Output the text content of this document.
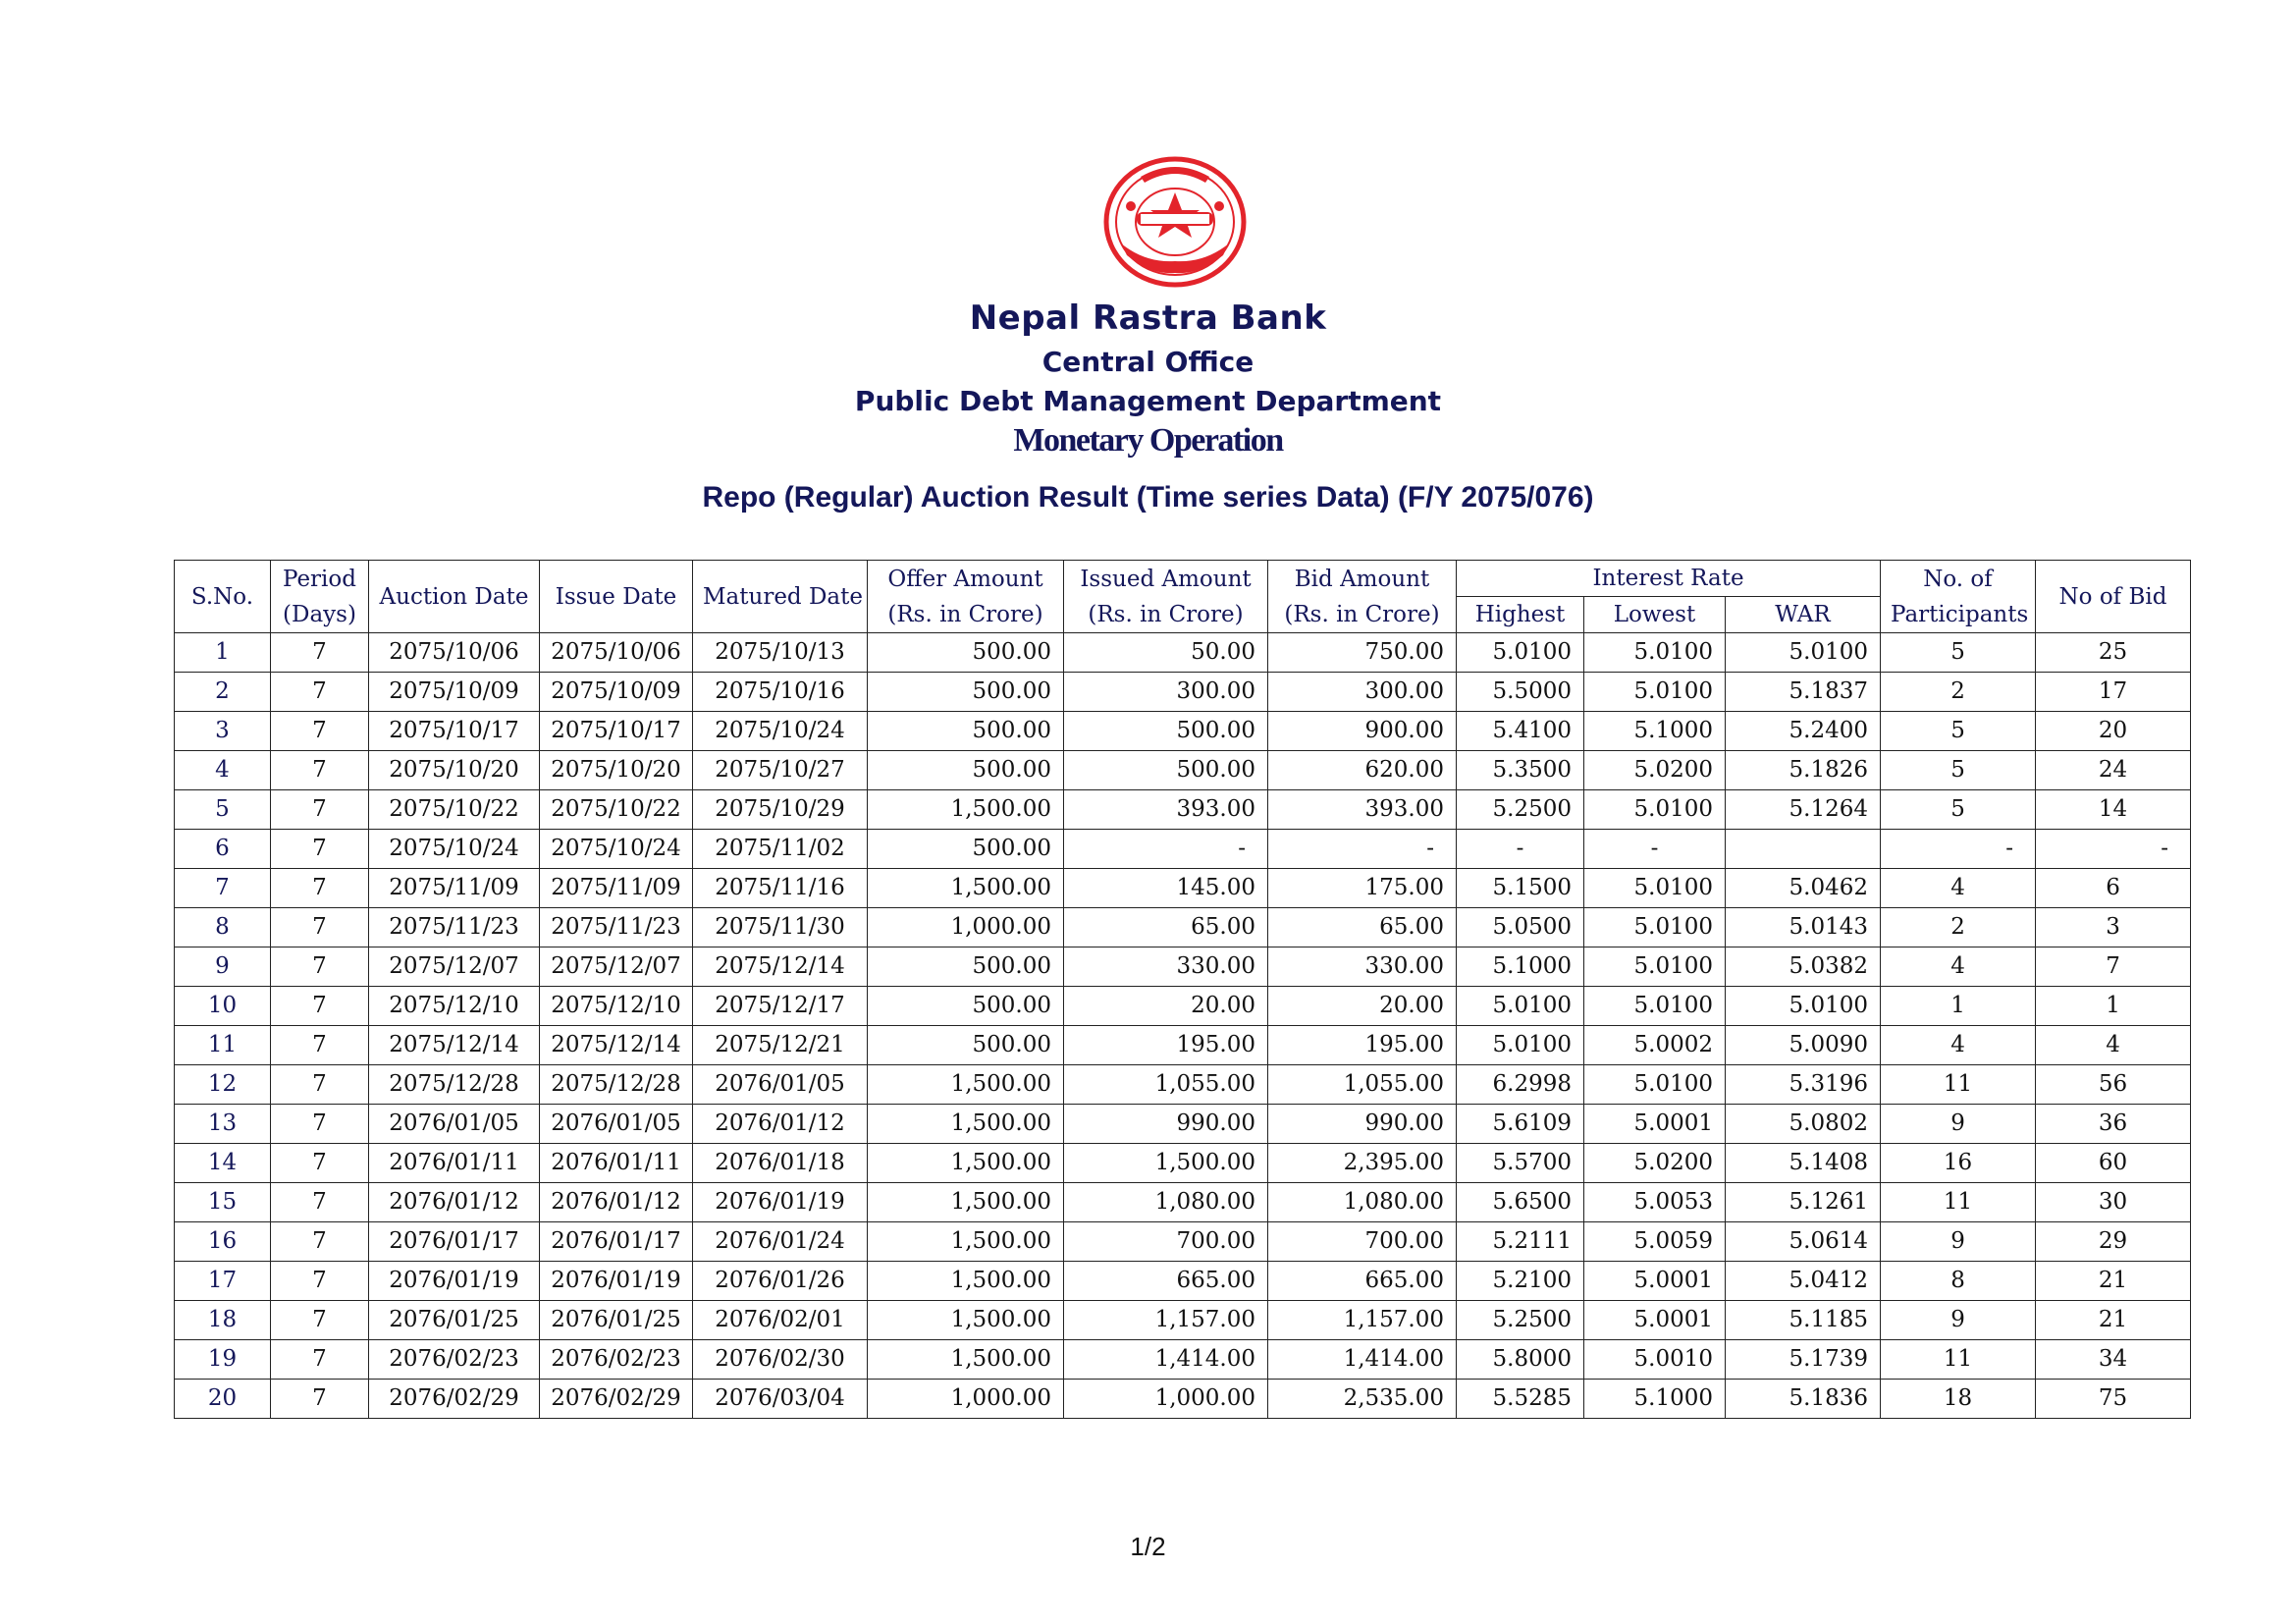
Nepal Rastra Bank
Central Office
Public Debt Management Department
Monetary Operation
Repo (Regular) Auction Result (Time series Data) (F/Y 2075/076)
S.No.	Period (Days)	Auction Date	Issue Date	Matured Date	Offer Amount (Rs. in Crore)	Issued Amount (Rs. in Crore)	Bid Amount (Rs. in Crore)	Interest Rate			No. of Participants	No of Bid
								Highest	Lowest	WAR		
1	7	2075/10/06	2075/10/06	2075/10/13	500.00	50.00	750.00	5.0100	5.0100	5.0100	5	25
2	7	2075/10/09	2075/10/09	2075/10/16	500.00	300.00	300.00	5.5000	5.0100	5.1837	2	17
3	7	2075/10/17	2075/10/17	2075/10/24	500.00	500.00	900.00	5.4100	5.1000	5.2400	5	20
4	7	2075/10/20	2075/10/20	2075/10/27	500.00	500.00	620.00	5.3500	5.0200	5.1826	5	24
5	7	2075/10/22	2075/10/22	2075/10/29	1,500.00	393.00	393.00	5.2500	5.0100	5.1264	5	14
6	7	2075/10/24	2075/10/24	2075/11/02	500.00	-	-	-	-		-	-
7	7	2075/11/09	2075/11/09	2075/11/16	1,500.00	145.00	175.00	5.1500	5.0100	5.0462	4	6
8	7	2075/11/23	2075/11/23	2075/11/30	1,000.00	65.00	65.00	5.0500	5.0100	5.0143	2	3
9	7	2075/12/07	2075/12/07	2075/12/14	500.00	330.00	330.00	5.1000	5.0100	5.0382	4	7
10	7	2075/12/10	2075/12/10	2075/12/17	500.00	20.00	20.00	5.0100	5.0100	5.0100	1	1
11	7	2075/12/14	2075/12/14	2075/12/21	500.00	195.00	195.00	5.0100	5.0002	5.0090	4	4
12	7	2075/12/28	2075/12/28	2076/01/05	1,500.00	1,055.00	1,055.00	6.2998	5.0100	5.3196	11	56
13	7	2076/01/05	2076/01/05	2076/01/12	1,500.00	990.00	990.00	5.6109	5.0001	5.0802	9	36
14	7	2076/01/11	2076/01/11	2076/01/18	1,500.00	1,500.00	2,395.00	5.5700	5.0200	5.1408	16	60
15	7	2076/01/12	2076/01/12	2076/01/19	1,500.00	1,080.00	1,080.00	5.6500	5.0053	5.1261	11	30
16	7	2076/01/17	2076/01/17	2076/01/24	1,500.00	700.00	700.00	5.2111	5.0059	5.0614	9	29
17	7	2076/01/19	2076/01/19	2076/01/26	1,500.00	665.00	665.00	5.2100	5.0001	5.0412	8	21
18	7	2076/01/25	2076/01/25	2076/02/01	1,500.00	1,157.00	1,157.00	5.2500	5.0001	5.1185	9	21
19	7	2076/02/23	2076/02/23	2076/02/30	1,500.00	1,414.00	1,414.00	5.8000	5.0010	5.1739	11	34
20	7	2076/02/29	2076/02/29	2076/03/04	1,000.00	1,000.00	2,535.00	5.5285	5.1000	5.1836	18	75
1/2
